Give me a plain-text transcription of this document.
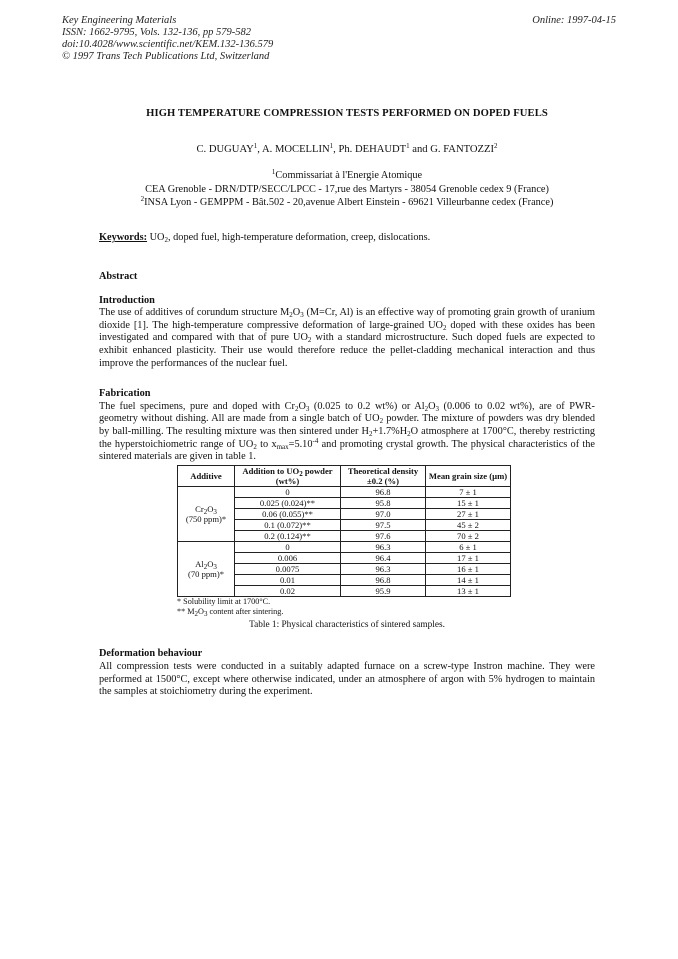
Key Engineering Materials
ISSN: 1662-9795, Vols. 132-136, pp 579-582
doi:10.4028/www.scientific.net/KEM.132-136.579
© 1997 Trans Tech Publications Ltd, Switzerland
Online: 1997-04-15
HIGH TEMPERATURE COMPRESSION TESTS PERFORMED ON DOPED FUELS
C. DUGUAY$^1$, A. MOCELLIN$^1$, Ph. DEHAUDT$^1$ and G. FANTOZZI$^2$
$^1$Commissariat à l'Energie Atomique
CEA Grenoble - DRN/DTP/SECC/LPCC - 17,rue des Martyrs - 38054 Grenoble cedex 9 (France)
$^2$INSA Lyon - GEMPPM - Bât.502 - 20,avenue Albert Einstein - 69621 Villeurbanne cedex (France)
Keywords: $UO_2$, doped fuel, high-temperature deformation, creep, dislocations.
Abstract
Introduction
The use of additives of corundum structure $M_2O_3$ (M=Cr, Al) is an effective way of promoting grain growth of uranium dioxide [1]. The high-temperature compressive deformation of large-grained $UO_2$ doped with these oxides has been investigated and compared with that of pure $UO_2$ with a standard microstructure. Such doped fuels are expected to exhibit enhanced plasticity. Their use would therefore reduce the pellet-cladding mechanical interaction and thus improve the performances of the nuclear fuel.
Fabrication
The fuel specimens, pure and doped with $Cr_2O_3$ (0.025 to 0.2 wt%) or $Al_2O_3$ (0.006 to 0.02 wt%), are of PWR-geometry without dishing. All are made from a single batch of $UO_2$ powder. The mixture of powders was dry blended by ball-milling. The resulting mixture was then sintered under $H_2+1.7\%H_2O$ atmosphere at 1700°C, thereby restricting the hyperstoichiometric range of $UO_2$ to $x_{max}=5.10^{-4}$ and promoting crystal growth. The physical characteristics of the sintered materials are given in table 1.
Additive	Addition to $UO_2$ powder (wt%)	Theoretical density ±0.2 (%)	Mean grain size (µm)
$Cr_2O_3$
(750 ppm)*	0	96.8	7 ± 1
	0.025 (0.024)**	95.8	15 ± 1
	0.06 (0.055)**	97.0	27 ± 1
	0.1 (0.072)**	97.5	45 ± 2
	0.2 (0.124)**	97.6	70 ± 2
$Al_2O_3$
(70 ppm)*	0	96.3	6 ± 1
	0.006	96.4	17 ± 1
	0.0075	96.3	16 ± 1
	0.01	96.8	14 ± 1
	0.02	95.9	13 ± 1
* Solubility limit at 1700°C.
** $M_2O_3$ content after sintering.
Table 1: Physical characteristics of sintered samples.
Deformation behaviour
All compression tests were conducted in a suitably adapted furnace on a screw-type Instron machine. They were performed at 1500°C, except where otherwise indicated, under an atmosphere of argon with 5% hydrogen to maintain the samples at stoichiometry during the experiment.
